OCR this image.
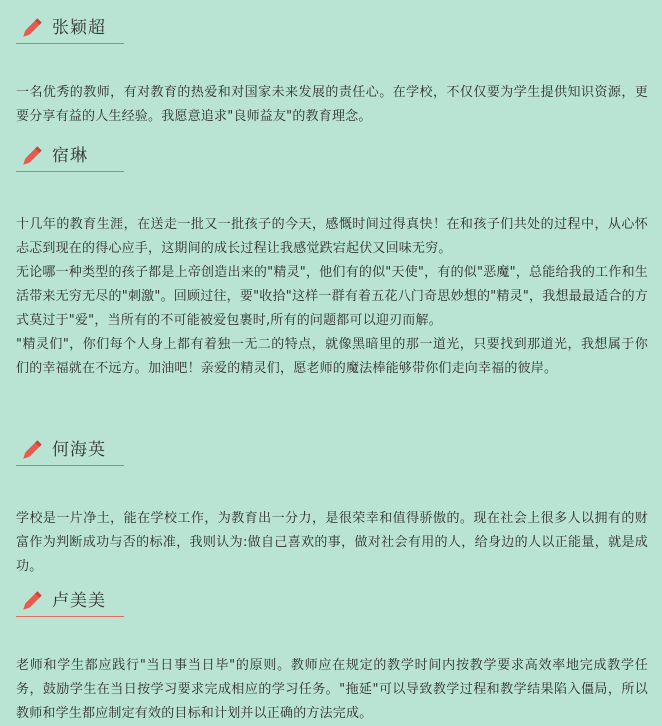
张颖超

一名优秀的教师，有对教育的热爱和对国家未来发展的责任心。在学校，不仅仅要为学生提供知识资源，更要分享有益的人生经验。我愿意追求"良师益友"的教育理念。

宿琳

十几年的教育生涯，在送走一批又一批孩子的今天，感慨时间过得真快！在和孩子们共处的过程中，从心怀忐忑到现在的得心应手，这期间的成长过程让我感觉跌宕起伏又回味无穷。

无论哪一种类型的孩子都是上帝创造出来的"精灵"，他们有的似"天使"，有的似"恶魔"，总能给我的工作和生活带来无穷无尽的"刺激"。回顾过往，要"收拾"这样一群有着五花八门奇思妙想的"精灵"，我想最最适合的方式莫过于"爱"，当所有的不可能被爱包裹时,所有的问题都可以迎刃而解。

"精灵们"，你们每个人身上都有着独一无二的特点，就像黑暗里的那一道光，只要找到那道光，我想属于你们的幸福就在不远方。加油吧！亲爱的精灵们，愿老师的魔法棒能够带你们走向幸福的彼岸。

何海英

学校是一片净土，能在学校工作，为教育出一分力，是很荣幸和值得骄傲的。现在社会上很多人以拥有的财富作为判断成功与否的标准，我则认为:做自己喜欢的事，做对社会有用的人，给身边的人以正能量，就是成功。

卢美美

老师和学生都应践行"当日事当日毕"的原则。教师应在规定的教学时间内按教学要求高效率地完成教学任务，鼓励学生在当日按学习要求完成相应的学习任务。"拖延"可以导致教学过程和教学结果陷入僵局，所以教师和学生都应制定有效的目标和计划并以正确的方法完成。
